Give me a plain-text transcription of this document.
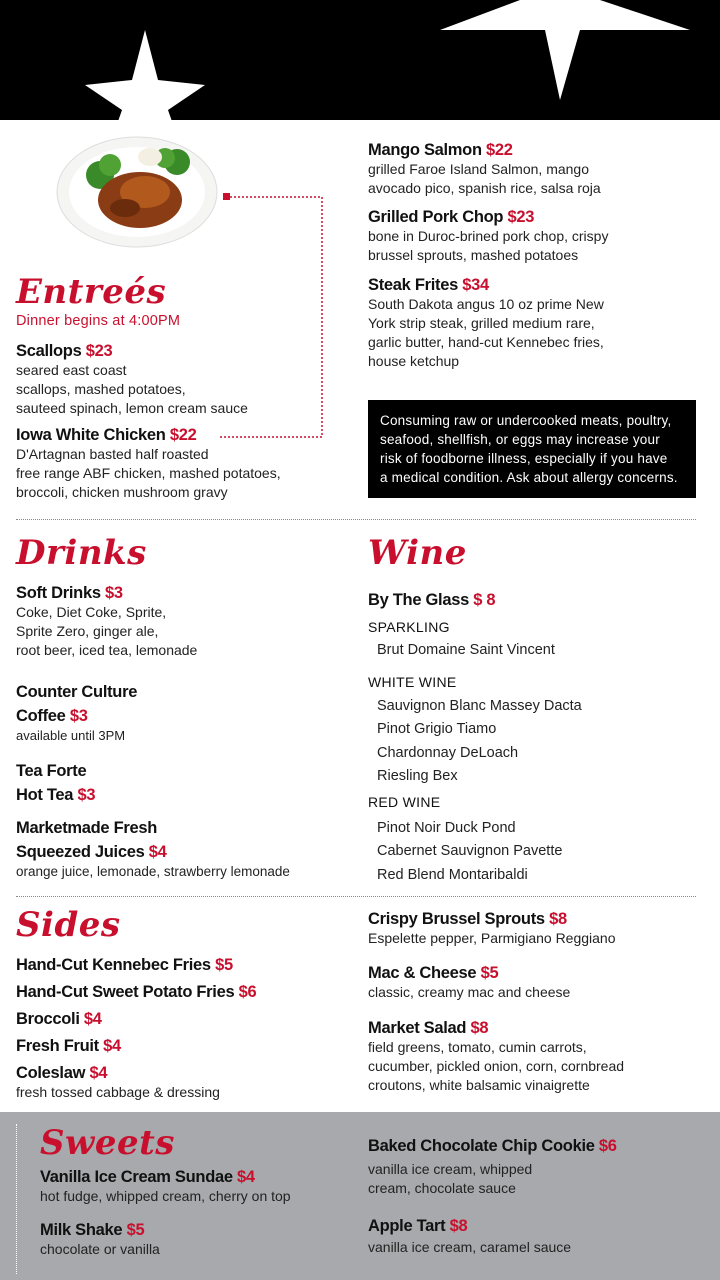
Entreés
Dinner begins at 4:00PM
Scallops $23
seared east coast
scallops, mashed potatoes,
sauteed spinach, lemon cream sauce
Iowa White Chicken $22
D'Artagnan basted half roasted
free range ABF chicken, mashed potatoes,
broccoli, chicken mushroom gravy
Mango Salmon $22
grilled Faroe Island Salmon, mango
avocado pico, spanish rice, salsa roja
Grilled Pork Chop $23
bone in Duroc-brined pork chop, crispy
brussel sprouts, mashed potatoes
Steak Frites $34
South Dakota angus 10 oz prime New
York strip steak, grilled medium rare,
garlic butter, hand-cut Kennebec fries,
house ketchup
Consuming raw or undercooked meats, poultry,
seafood, shellfish, or eggs may increase your
risk of foodborne illness, especially if you have
a medical condition. Ask about allergy concerns.
Drinks
Soft Drinks $3
Coke, Diet Coke, Sprite,
Sprite Zero, ginger ale,
root beer, iced tea, lemonade
Counter Culture
Coffee $3
available until 3PM
Tea Forte
Hot Tea $3
Marketmade Fresh
Squeezed Juices $4
orange juice, lemonade, strawberry lemonade
Wine
By The Glass $ 8
SPARKLING
Brut Domaine Saint Vincent
WHITE WINE
Sauvignon Blanc Massey Dacta
Pinot Grigio Tiamo
Chardonnay DeLoach
Riesling Bex
RED WINE
Pinot Noir Duck Pond
Cabernet Sauvignon Pavette
Red Blend Montaribaldi
Sides
Hand-Cut Kennebec Fries $5
Hand-Cut Sweet Potato Fries $6
Broccoli $4
Fresh Fruit $4
Coleslaw $4
fresh tossed cabbage & dressing
Crispy Brussel Sprouts $8
Espelette pepper, Parmigiano Reggiano
Mac & Cheese $5
classic, creamy mac and cheese
Market Salad $8
field greens, tomato, cumin carrots,
cucumber, pickled onion, corn, cornbread
croutons, white balsamic vinaigrette
Sweets
Vanilla Ice Cream Sundae $4
hot fudge, whipped cream, cherry on top
Milk Shake $5
chocolate or vanilla
Baked Chocolate Chip Cookie $6
vanilla ice cream, whipped
cream, chocolate sauce
Apple Tart $8
vanilla ice cream, caramel sauce
